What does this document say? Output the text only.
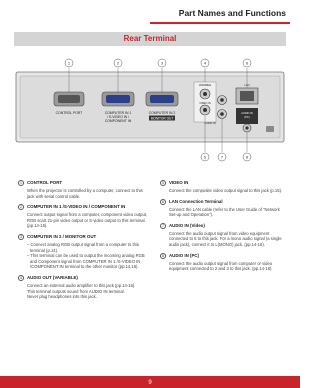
Part Names and Functions
Rear Terminal
CONTROL PORT	COMPUTER IN 1
/ S-VIDEO IN /
COMPONENT IN
COMPUTER IN 2
MONITOR OUT
VARIABLE
VIDEO IN
AUDIO IN
LAN
AUDIO IN
(PC)
1	2	3	4	6
5	7	8
1	CONTROL PORT
When the projector is controlled by a computer, connect to this jack with serial control cable.
2	COMPUTER IN 1 /S-VIDEO IN / COMPONENT IN
Connect output signal from a computer, component video output, RGB scart 21-pin video output or S-video output to this terminal. (pp.14-16).
3	COMPUTER IN 2 / MONITOR OUT
– Connect analog RGB output signal from a computer to this terminal (p.14).
– This terminal can be used to output the incoming analog RGB and Component signal from COMPUTER IN 1 /S-VIDEO IN /COMPONENT IN terminal to the other monitor (pp.14,16).
4	AUDIO OUT (VARIABLE)
Connect an external audio amplifier to this jack (pp.14-16).
This terminal outputs sound from AUDIO IN terminal.
Never plug headphones into this jack.
5	VIDEO IN
Connect the composite video output signal to this jack (p.15).
6	LAN Connection Terminal
Connect the LAN cable (refer to the User Guide of "Network Set-up and Operation").
7	AUDIO IN (Video)
Connect the audio output signal from video equipment connected to 5 to this jack. For a mono audio signal (a single audio jack), connect it to L(MONO) jack. (pp.14-16).
8	AUDIO IN (PC)
Connect the audio output signal from computer or video equipment connected to 2 and 3 to this jack. (pp.14-16).
9
